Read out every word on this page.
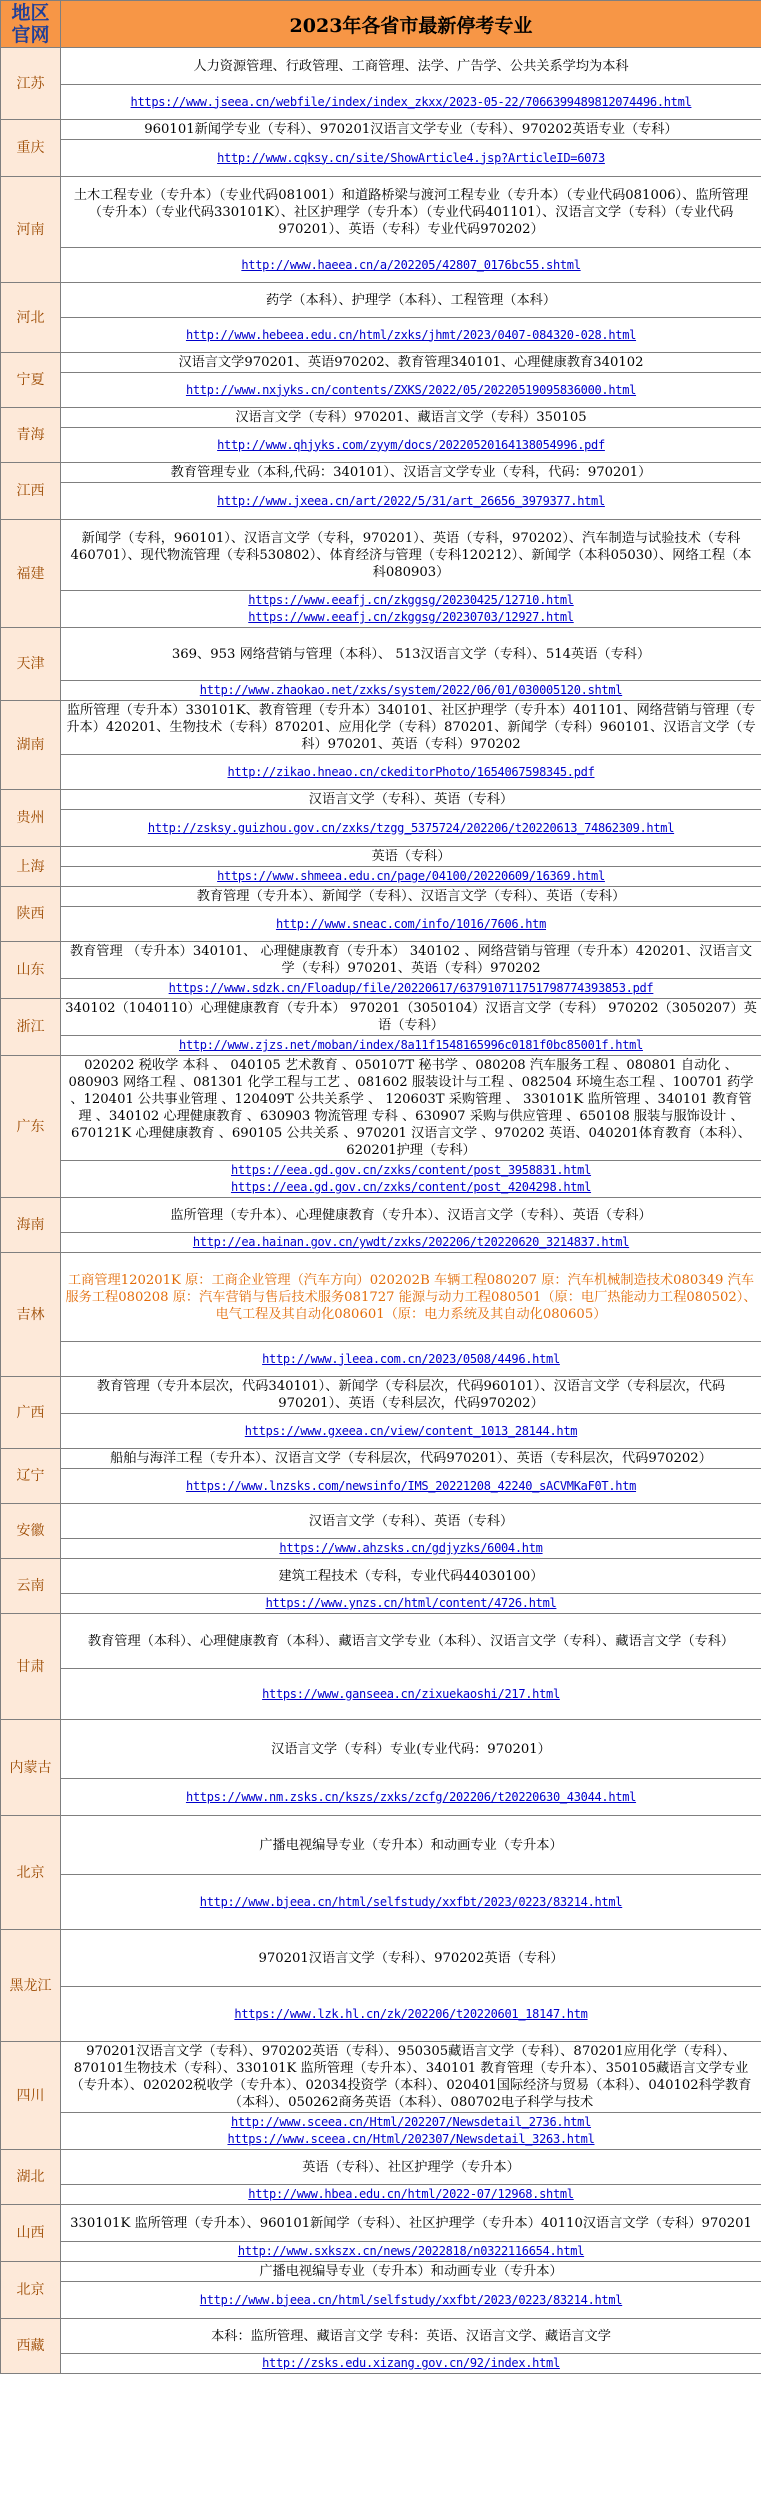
地区
官网	2023年各省市最新停考专业
江苏	人力资源管理、行政管理、工商管理、法学、广告学、公共关系学均为本科
	https://www.jseea.cn/webfile/index/index_zkxx/2023-05-22/7066399489812074496.html
重庆	960101新闻学专业（专科）、970201汉语言文学专业（专科）、970202英语专业（专科）
	http://www.cqksy.cn/site/ShowArticle4.jsp?ArticleID=6073
河南	土木工程专业（专升本）（专业代码081001）和道路桥梁与渡河工程专业（专升本）（专业代码081006）、监所管理（专升本）（专业代码330101K）、社区护理学（专升本）（专业代码401101）、汉语言文学（专科）（专业代码970201）、英语（专科）专业代码970202）
	http://www.haeea.cn/a/202205/42807_0176bc55.shtml
河北	药学（本科）、护理学（本科）、工程管理（本科）
	http://www.hebeea.edu.cn/html/zxks/jhmt/2023/0407-084320-028.html
宁夏	汉语言文学970201、英语970202、教育管理340101、心理健康教育340102
	http://www.nxjyks.cn/contents/ZXKS/2022/05/20220519095836000.html
青海	汉语言文学（专科）970201、藏语言文学（专科）350105
	http://www.qhjyks.com/zyym/docs/20220520164138054996.pdf
江西	教育管理专业（本科,代码：340101）、汉语言文学专业（专科，代码：970201）
	http://www.jxeea.cn/art/2022/5/31/art_26656_3979377.html
福建	新闻学（专科，960101）、汉语言文学（专科，970201）、英语（专科，970202）、汽车制造与试验技术（专科460701）、现代物流管理（专科530802）、体育经济与管理（专科120212）、新闻学（本科05030）、网络工程（本科080903）
	https://www.eeafj.cn/zkggsg/20230425/12710.html
https://www.eeafj.cn/zkggsg/20230703/12927.html
天津	369、953 网络营销与管理（本科）、 513汉语言文学（专科）、514英语（专科）
	http://www.zhaokao.net/zxks/system/2022/06/01/030005120.shtml
湖南	监所管理（专升本）330101K、教育管理（专升本）340101、社区护理学（专升本）401101、网络营销与管理（专升本）420201、生物技术（专科）870201、应用化学（专科）870201、新闻学（专科）960101、汉语言文学（专科）970201、英语（专科）970202
	http://zikao.hneao.cn/ckeditorPhoto/1654067598345.pdf
贵州	汉语言文学（专科）、英语（专科）
	http://zsksy.guizhou.gov.cn/zxks/tzgg_5375724/202206/t20220613_74862309.html
上海	英语（专科）
	https://www.shmeea.edu.cn/page/04100/20220609/16369.html
陕西	教育管理（专升本）、新闻学（专科）、汉语言文学（专科）、英语（专科）
	http://www.sneac.com/info/1016/7606.htm
山东	教育管理 （专升本）340101、 心理健康教育（专升本） 340102 、网络营销与管理（专升本）420201、汉语言文学（专科）970201、英语（专科）970202
	https://www.sdzk.cn/Floadup/file/20220617/637910711751798774393853.pdf
浙江	340102（1040110）心理健康教育（专升本） 970201（3050104）汉语言文学（专科） 970202（3050207）英语（专科）
	http://www.zjzs.net/moban/index/8a11f1548165996c0181f0bc85001f.html
广东	020202 税收学 本科 、 040105 艺术教育 、050107T 秘书学 、080208 汽车服务工程 、080801 自动化 、080903 网络工程 、081301 化学工程与工艺 、081602 服装设计与工程 、082504 环境生态工程 、100701 药学 、120401 公共事业管理 、120409T 公共关系学 、 120603T 采购管理 、 330101K 监所管理 、340101 教育管理 、340102 心理健康教育 、630903 物流管理 专科 、630907 采购与供应管理 、650108 服装与服饰设计 、670121K 心理健康教育 、690105 公共关系 、970201 汉语言文学 、970202 英语、040201体育教育（本科）、620201护理（专科）
	https://eea.gd.gov.cn/zxks/content/post_3958831.html
https://eea.gd.gov.cn/zxks/content/post_4204298.html
海南	监所管理（专升本）、心理健康教育（专升本）、汉语言文学（专科）、英语（专科）
	http://ea.hainan.gov.cn/ywdt/zxks/202206/t20220620_3214837.html
吉林	工商管理120201K 原：工商企业管理（汽车方向）020202B 车辆工程080207 原：汽车机械制造技术080349 汽车服务工程080208 原：汽车营销与售后技术服务081727 能源与动力工程080501（原：电厂热能动力工程080502）、电气工程及其自动化080601（原：电力系统及其自动化080605）
	http://www.jleea.com.cn/2023/0508/4496.html
广西	教育管理（专升本层次，代码340101）、新闻学（专科层次，代码960101）、汉语言文学（专科层次，代码970201）、英语（专科层次，代码970202）
	https://www.gxeea.cn/view/content_1013_28144.htm
辽宁	船舶与海洋工程（专升本）、汉语言文学（专科层次，代码970201）、英语（专科层次，代码970202）
	https://www.lnzsks.com/newsinfo/IMS_20221208_42240_sACVMKaF0T.htm
安徽	汉语言文学（专科）、英语（专科）
	https://www.ahzsks.cn/gdjyzks/6004.htm
云南	建筑工程技术（专科，专业代码44030100）
	https://www.ynzs.cn/html/content/4726.html
甘肃	教育管理（本科）、心理健康教育（本科）、藏语言文学专业（本科）、汉语言文学（专科）、藏语言文学（专科）
	https://www.ganseea.cn/zixuekaoshi/217.html
内蒙古	汉语言文学（专科）专业(专业代码：970201）
	https://www.nm.zsks.cn/kszs/zxks/zcfg/202206/t20220630_43044.html
北京	广播电视编导专业（专升本）和动画专业（专升本）
	http://www.bjeea.cn/html/selfstudy/xxfbt/2023/0223/83214.html
黑龙江	970201汉语言文学（专科）、970202英语（专科）
	https://www.lzk.hl.cn/zk/202206/t20220601_18147.htm
四川	970201汉语言文学（专科）、970202英语（专科）、950305藏语言文学（专科）、870201应用化学（专科）、870101生物技术（专科）、330101K 监所管理（专升本）、340101 教育管理（专升本）、350105藏语言文学专业（专升本）、020202税收学（专升本）、02034投资学（本科）、020401国际经济与贸易（本科）、040102科学教育（本科）、050262商务英语（本科）、080702电子科学与技术
	http://www.sceea.cn/Html/202207/Newsdetail_2736.html
https://www.sceea.cn/Html/202307/Newsdetail_3263.html
湖北	英语（专科）、社区护理学（专升本）
	http://www.hbea.edu.cn/html/2022-07/12968.shtml
山西	330101K 监所管理（专升本）、960101新闻学（专科）、社区护理学（专升本）40110汉语言文学（专科）970201
	http://www.sxkszx.cn/news/2022818/n0322116654.html
北京	广播电视编导专业（专升本）和动画专业（专升本）
	http://www.bjeea.cn/html/selfstudy/xxfbt/2023/0223/83214.html
西藏	本科：监所管理、藏语言文学 专科：英语、汉语言文学、藏语言文学
	http://zsks.edu.xizang.gov.cn/92/index.html
